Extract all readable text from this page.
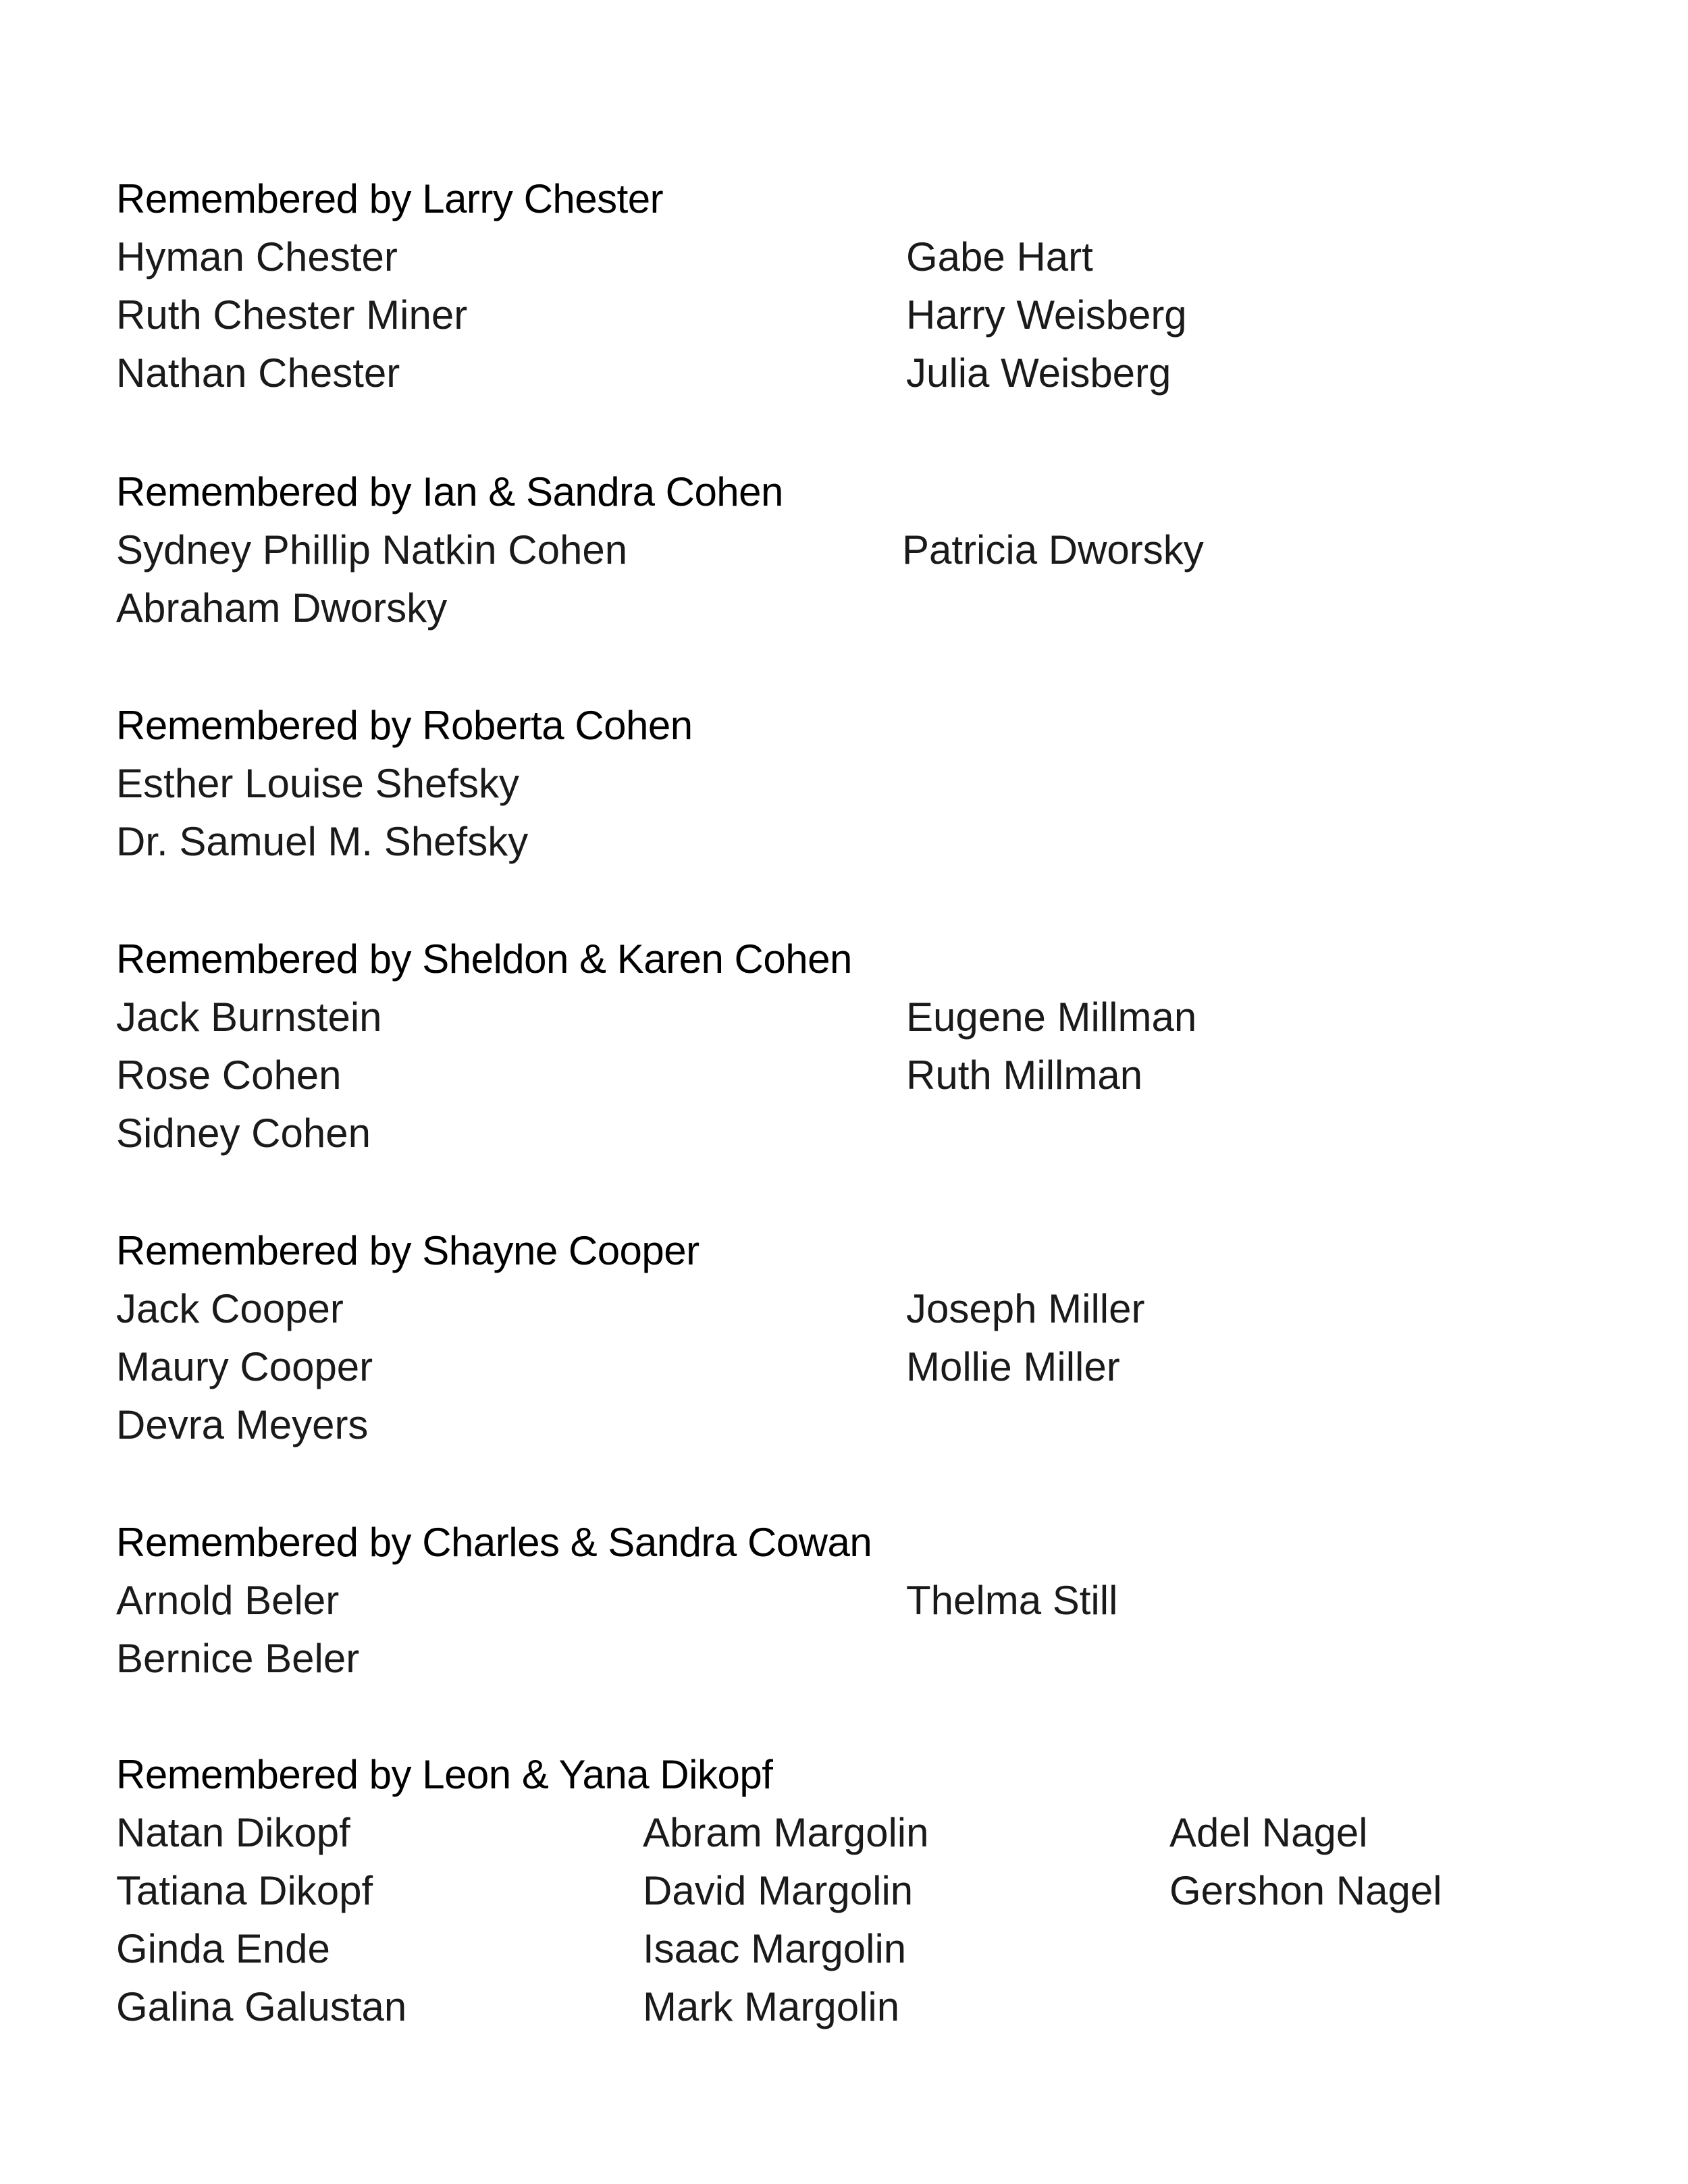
Remembered by Larry Chester
Hyman Chester
Ruth Chester Miner
Nathan Chester
Gabe Hart
Harry Weisberg
Julia Weisberg
Remembered by Ian & Sandra Cohen
Sydney Phillip Natkin Cohen
Abraham Dworsky
Patricia Dworsky
Remembered by Roberta Cohen
Esther Louise Shefsky
Dr. Samuel M. Shefsky
Remembered by Sheldon & Karen Cohen
Jack Burnstein
Rose Cohen
Sidney Cohen
Eugene Millman
Ruth Millman
Remembered by Shayne Cooper
Jack Cooper
Maury Cooper
Devra Meyers
Joseph Miller
Mollie Miller
Remembered by Charles & Sandra Cowan
Arnold Beler
Bernice Beler
Thelma Still
Remembered by Leon & Yana Dikopf
Natan Dikopf
Tatiana Dikopf
Ginda Ende
Galina Galustan
Abram Margolin
David Margolin
Isaac Margolin
Mark Margolin
Adel Nagel
Gershon Nagel
